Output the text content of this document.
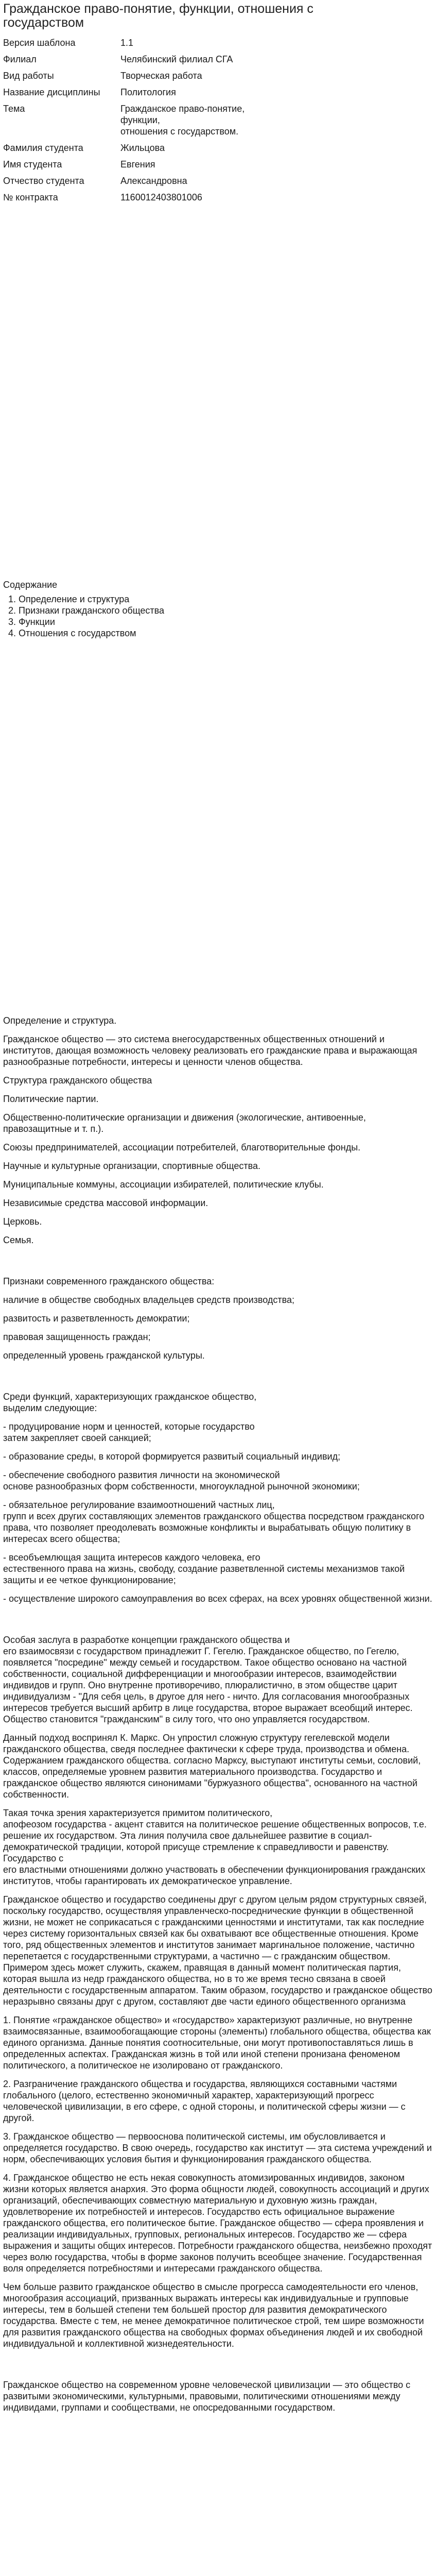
Гражданское право-понятие, функции, отношения с государством
Версия шаблона	1.1
Филиал	Челябинский филиал СГА
Вид работы	Творческая работа
Название дисциплины	Политология
Тема	Гражданское право-понятие,
функции,
отношения с государством.
Фамилия студента	Жильцова
Имя студента	Евгения
Отчество студента	Александровна
№ контракта	1160012403801006
Содержание
1. Определение и структура
2. Признаки гражданского общества
3. Функции
4. Отношения с государством

Определение и структура.

Гражданское общество — это система внегосударственных общественных отношений и институтов, дающая возможность человеку реализовать его гражданские права и выражающая разнообразные потребности, интересы и ценности членов общества.

Структура гражданского общества

Политические партии.

Общественно-политические организации и движения (экологические, антивоенные, правозащитные и т. п.).

Союзы предпринимателей, ассоциации потребителей, благотворительные фонды.

Научные и культурные организации, спортивные общества.

Муниципальные коммуны, ассоциации избирателей, политические клубы.

Независимые средства массовой информации.

Церковь.

Семья.

Признаки современного гражданского общества:

наличие в обществе свободных владельцев средств производства;

развитость и разветвленность демократии;

правовая защищенность граждан;

определенный уровень гражданской культуры.

Среди функций, характеризующих гражданское общество,
выделим следующие:

- продуцирование норм и ценностей, которые государство
затем закрепляет своей санкцией;

- образование среды, в которой формируется развитый социальный индивид;

- обеспечение свободного развития личности на экономической
основе разнообразных форм собственности, многоукладной рыночной экономики;

- обязательное регулирование взаимоотношений частных лиц,
групп и всех других составляющих элементов гражданского общества посредством гражданского права, что позволяет преодолевать возможные конфликты и вырабатывать общую политику в интересах всего общества;

- всеобъемлющая защита интересов каждого человека, его
естественного права на жизнь, свободу, создание разветвленной системы механизмов такой защиты и ее четкое функционирование;

- осуществление широкого самоуправления во всех сферах, на всех уровнях общественной жизни.

Особая заслуга в разработке концепции гражданского общества и
его взаимосвязи с государством принадлежит Г. Гегелю. Гражданское общество, по Гегелю, появляется "посредине" между семьей и государством. Такое общество основано на частной собственности, социальной дифференциации и многообразии интересов, взаимодействии индивидов и групп. Оно внутренне противоречиво, плюралистично, в этом обществе царит индивидуализм - "Для себя цель, в другое для него - ничто. Для согласования многообразных интересов требуется высший арбитр в лице государства, второе выражает всеобщий интерес. Общество становится "гражданским" в силу того, что оно управляется государством.

Данный подход воспринял К. Маркс. Он упростил сложную структуру гегелевской модели гражданского общества, сведя последнее фактически к сфере труда, производства и обмена. Содержанием гражданского общества. согласно Марксу, выступают институты семьи, сословий, классов, определяемые уровнем развития материального производства. Государство и гражданское общество являются синонимами "буржуазного общества", основанного на частной собственности.

Такая точка зрения характеризуется примитом политического,
апофеозом государства - акцент ставится на политическое решение общественных вопросов, т.е. решение их государством. Эта линия получила свое дальнейшее развитие в социал-демократической традиции, которой присуще стремление к справедливости и равенству. Государство с
его властными отношениями должно участвовать в обеспечении функционирования гражданских институтов, чтобы гарантировать их демократическое управление.

Гражданское общество и государство соединены друг с другом целым рядом структурных связей, поскольку государство, осуществляя управленческо-посреднические функции в общественной жизни, не может не соприкасаться с гражданскими ценностями и институтами, так как последние через систему горизонтальных связей как бы охватывают все общественные отношения. Кроме того, ряд общественных элементов и институтов занимает маргинальное положение, частично перепетается с государственными структурами, а частично — с гражданским обществом. Примером здесь может служить, скажем, правящая в данный момент политическая партия, которая вышла из недр гражданского общества, но в то же время тесно связана в своей деятельности с государственным аппаратом. Таким образом, государство и гражданское общество неразрывно связаны друг с другом, составляют две части единого общественного организма

1. Понятие «гражданское общество» и «государство» характеризуют различные, но внутренне взаимосвязанные, взаимообогащающие стороны (элементы) глобального общества, общества как единого организма. Данные понятия соотносительные, они могут противопоставляться лишь в определенных аспектах. Гражданская жизнь в той или иной степени пронизана феноменом политического, а политическое не изолировано от гражданского.

2. Разграничение гражданского общества и государства, являющихся составными частями глобального (целого, естественно экономичный характер, характеризующий прогресс человеческой цивилизации, в его сфере, с одной стороны, и политической сферы жизни — с другой.

3. Гражданское общество — первооснова политической системы, им обусловливается и определяется государство. В свою очередь, государство как институт — эта система учреждений и норм, обеспечивающих условия бытия и функционирования гражданского общества.

4. Гражданское общество не есть некая совокупность атомизированных индивидов, законом жизни которых является анархия. Это форма общности людей, совокупность ассоциаций и других организаций, обеспечивающих совместную материальную и духовную жизнь граждан, удовлетворение их потребностей и интересов. Государство есть официальное выражение гражданского общества, его политическое бытие. Гражданское общество — сфера проявления и реализации индивидуальных, групповых, региональных интересов. Государство же — сфера выражения и защиты общих интересов. Потребности гражданского общества, неизбежно проходят через волю государства, чтобы в форме законов получить всеобщее значение. Государственная воля определяется потребностями и интересами гражданского общества.

Чем больше развито гражданское общество в смысле прогресса самодеятельности его членов, многообразия ассоциаций, призванных выражать интересы как индивидуальные и групповые интересы, тем в большей степени тем большей простор для развития демократического государства. Вместе с тем, не менее демократичное политическое строй, тем шире возможности для развития гражданского общества на свободных формах объединения людей и их свободной индивидуальной и коллективной жизнедеятельности.

Гражданское общество на современном уровне человеческой цивилизации — это общество с развитыми экономическими, культурными, правовыми, политическими отношениями между индивидами, группами и сообществами, не опосредованными государством.
